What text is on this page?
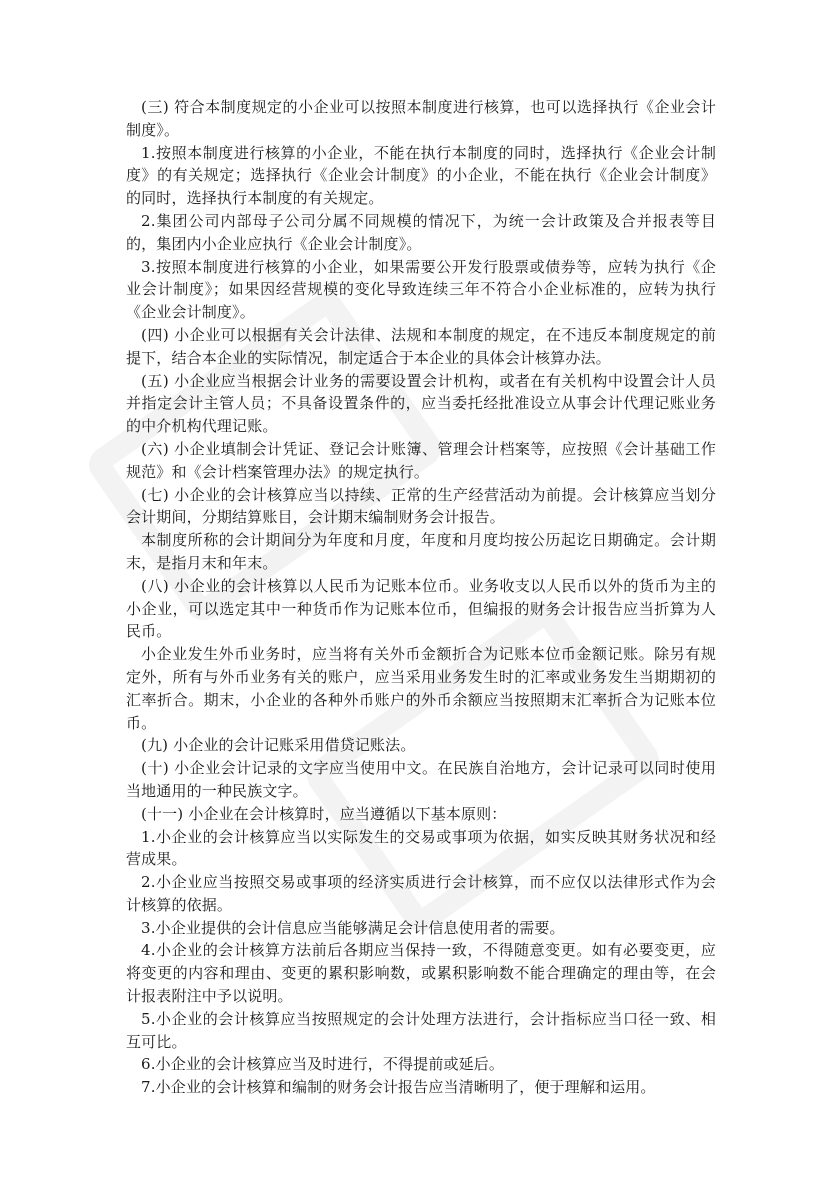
(三) 符合本制度规定的小企业可以按照本制度进行核算，也可以选择执行《企业会计制度》。

1.按照本制度进行核算的小企业，不能在执行本制度的同时，选择执行《企业会计制度》的有关规定；选择执行《企业会计制度》的小企业，不能在执行《企业会计制度》的同时，选择执行本制度的有关规定。

2.集团公司内部母子公司分属不同规模的情况下，为统一会计政策及合并报表等目的，集团内小企业应执行《企业会计制度》。

3.按照本制度进行核算的小企业，如果需要公开发行股票或债券等，应转为执行《企业会计制度》；如果因经营规模的变化导致连续三年不符合小企业标准的，应转为执行《企业会计制度》。

(四) 小企业可以根据有关会计法律、法规和本制度的规定，在不违反本制度规定的前提下，结合本企业的实际情况，制定适合于本企业的具体会计核算办法。

(五) 小企业应当根据会计业务的需要设置会计机构，或者在有关机构中设置会计人员并指定会计主管人员；不具备设置条件的，应当委托经批准设立从事会计代理记账业务的中介机构代理记账。

(六) 小企业填制会计凭证、登记会计账簿、管理会计档案等，应按照《会计基础工作规范》和《会计档案管理办法》的规定执行。

(七) 小企业的会计核算应当以持续、正常的生产经营活动为前提。会计核算应当划分会计期间，分期结算账目，会计期末编制财务会计报告。

本制度所称的会计期间分为年度和月度，年度和月度均按公历起讫日期确定。会计期末，是指月末和年末。

(八) 小企业的会计核算以人民币为记账本位币。业务收支以人民币以外的货币为主的小企业，可以选定其中一种货币作为记账本位币，但编报的财务会计报告应当折算为人民币。

小企业发生外币业务时，应当将有关外币金额折合为记账本位币金额记账。除另有规定外，所有与外币业务有关的账户，应当采用业务发生时的汇率或业务发生当期期初的汇率折合。期末，小企业的各种外币账户的外币余额应当按照期末汇率折合为记账本位币。

(九) 小企业的会计记账采用借贷记账法。

(十) 小企业会计记录的文字应当使用中文。在民族自治地方，会计记录可以同时使用当地通用的一种民族文字。

(十一) 小企业在会计核算时，应当遵循以下基本原则：

1.小企业的会计核算应当以实际发生的交易或事项为依据，如实反映其财务状况和经营成果。

2.小企业应当按照交易或事项的经济实质进行会计核算，而不应仅以法律形式作为会计核算的依据。

3.小企业提供的会计信息应当能够满足会计信息使用者的需要。

4.小企业的会计核算方法前后各期应当保持一致，不得随意变更。如有必要变更，应将变更的内容和理由、变更的累积影响数，或累积影响数不能合理确定的理由等，在会计报表附注中予以说明。

5.小企业的会计核算应当按照规定的会计处理方法进行，会计指标应当口径一致、相互可比。

6.小企业的会计核算应当及时进行，不得提前或延后。

7.小企业的会计核算和编制的财务会计报告应当清晰明了，便于理解和运用。
